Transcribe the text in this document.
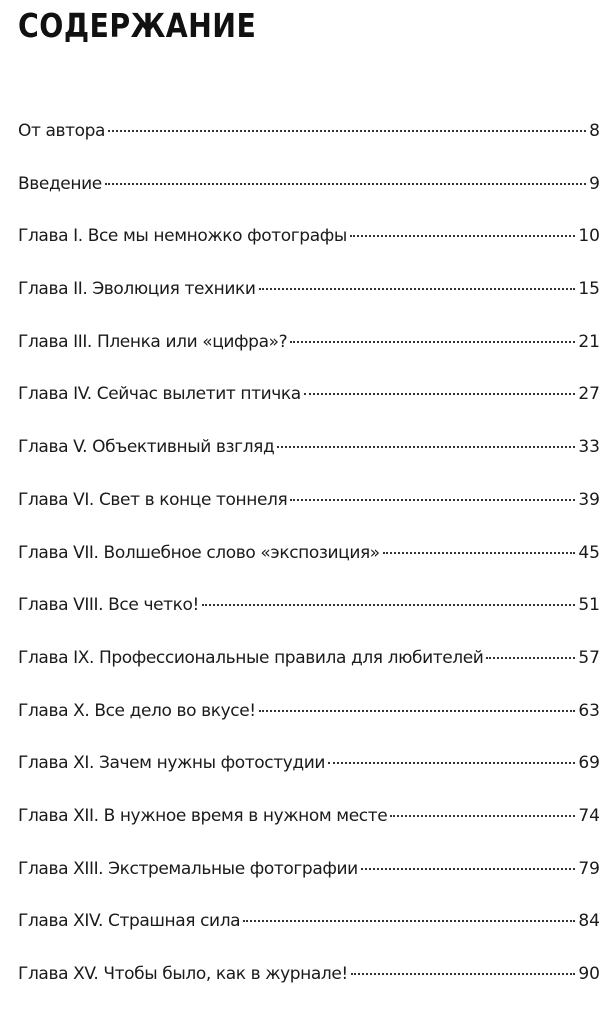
СОДЕРЖАНИЕ
От автора	8
Введение	9
Глава I. Все мы немножко фотографы	10
Глава II. Эволюция техники	15
Глава III. Пленка или «цифра»?	21
Глава IV. Сейчас вылетит птичка	27
Глава V. Объективный взгляд	33
Глава VI. Свет в конце тоннеля	39
Глава VII. Волшебное слово «экспозиция»	45
Глава VIII. Все четко!	51
Глава IX. Профессиональные правила для любителей	57
Глава X. Все дело во вкусе!	63
Глава XI. Зачем нужны фотостудии	69
Глава XII. В нужное время в нужном месте	74
Глава XIII. Экстремальные фотографии	79
Глава XIV. Страшная сила	84
Глава XV. Чтобы было, как в журнале!	90
